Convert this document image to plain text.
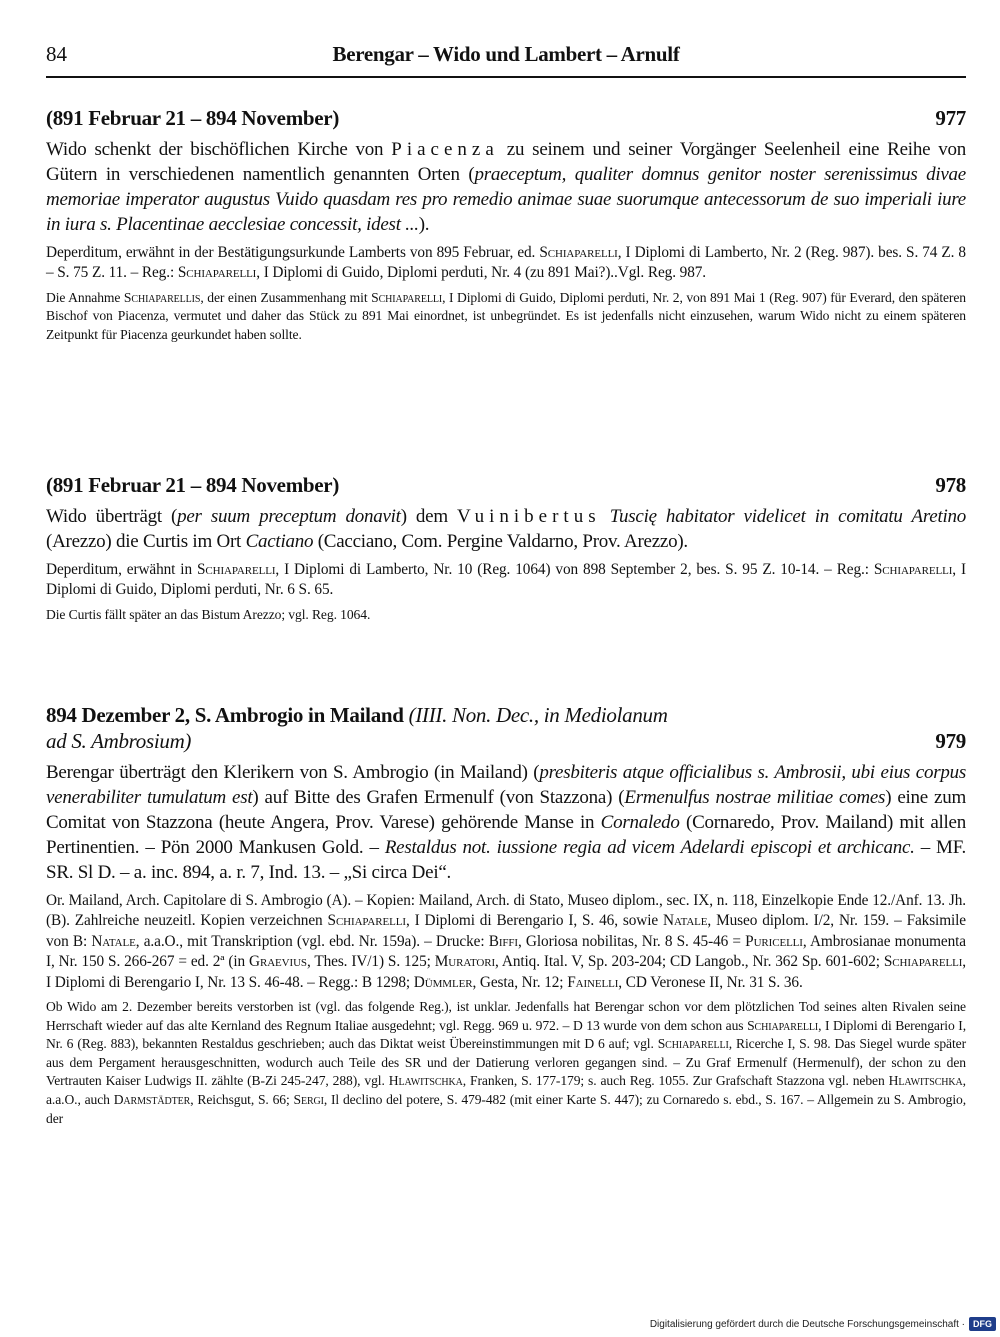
84	Berengar – Wido und Lambert – Arnulf
(891 Februar 21 – 894 November)	977
Wido schenkt der bischöflichen Kirche von Piacenza zu seinem und seiner Vorgänger Seelenheil eine Reihe von Gütern in verschiedenen namentlich genannten Orten (praeceptum, qualiter domnus genitor noster serenissimus divae memoriae imperator augustus Vuido quasdam res pro remedio animae suae suorumque antecessorum de suo imperiali iure in iura s. Placentinae aecclesiae concessit, idest ...).
Deperditum, erwähnt in der Bestätigungsurkunde Lamberts von 895 Februar, ed. Schiaparelli, I Diplomi di Lamberto, Nr. 2 (Reg. 987). bes. S. 74 Z. 8 – S. 75 Z. 11. – Reg.: Schiaparelli, I Diplomi di Guido, Diplomi perduti, Nr. 4 (zu 891 Mai?)..Vgl. Reg. 987.
Die Annahme Schiaparellis, der einen Zusammenhang mit Schiaparelli, I Diplomi di Guido, Diplomi perduti, Nr. 2, von 891 Mai 1 (Reg. 907) für Everard, den späteren Bischof von Piacenza, vermutet und daher das Stück zu 891 Mai einordnet, ist unbegründet. Es ist jedenfalls nicht einzusehen, warum Wido nicht zu einem späteren Zeitpunkt für Piacenza geurkundet haben sollte.
(891 Februar 21 – 894 November)	978
Wido überträgt (per suum preceptum donavit) dem Vuinibertus Tuscię habitator videlicet in comitatu Aretino (Arezzo) die Curtis im Ort Cactiano (Cacciano, Com. Pergine Valdarno, Prov. Arezzo).
Deperditum, erwähnt in Schiaparelli, I Diplomi di Lamberto, Nr. 10 (Reg. 1064) von 898 September 2, bes. S. 95 Z. 10-14. – Reg.: Schiaparelli, I Diplomi di Guido, Diplomi perduti, Nr. 6 S. 65.
Die Curtis fällt später an das Bistum Arezzo; vgl. Reg. 1064.
894 Dezember 2, S. Ambrogio in Mailand (IIII. Non. Dec., in Mediolanum
ad S. Ambrosium)	979
Berengar überträgt den Klerikern von S. Ambrogio (in Mailand) (presbiteris atque officialibus s. Ambrosii, ubi eius corpus venerabiliter tumulatum est) auf Bitte des Grafen Ermenulf (von Stazzona) (Ermenulfus nostrae militiae comes) eine zum Comitat von Stazzona (heute Angera, Prov. Varese) gehörende Manse in Cornaledo (Cornaredo, Prov. Mailand) mit allen Pertinentien. – Pön 2000 Mankusen Gold. – Restaldus not. iussione regia ad vicem Adelardi episcopi et archicanc. – MF. SR. Sl D. – a. inc. 894, a. r. 7, Ind. 13. – „Si circa Dei“.
Or. Mailand, Arch. Capitolare di S. Ambrogio (A). – Kopien: Mailand, Arch. di Stato, Museo diplom., sec. IX, n. 118, Einzelkopie Ende 12./Anf. 13. Jh. (B). Zahlreiche neuzeitl. Kopien verzeichnen Schiaparelli, I Diplomi di Berengario I, S. 46, sowie Natale, Museo diplom. I/2, Nr. 159. – Faksimile von B: Natale, a.a.O., mit Transkription (vgl. ebd. Nr. 159a). – Drucke: Biffi, Gloriosa nobilitas, Nr. 8 S. 45-46 = Puricelli, Ambrosianae monumenta I, Nr. 150 S. 266-267 = ed. 2ª (in Graevius, Thes. IV/1) S. 125; Muratori, Antiq. Ital. V, Sp. 203-204; CD Langob., Nr. 362 Sp. 601-602; Schiaparelli, I Diplomi di Berengario I, Nr. 13 S. 46-48. – Regg.: B 1298; Dümmler, Gesta, Nr. 12; Fainelli, CD Veronese II, Nr. 31 S. 36.
Ob Wido am 2. Dezember bereits verstorben ist (vgl. das folgende Reg.), ist unklar. Jedenfalls hat Berengar schon vor dem plötzlichen Tod seines alten Rivalen seine Herrschaft wieder auf das alte Kernland des Regnum Italiae ausgedehnt; vgl. Regg. 969 u. 972. – D 13 wurde von dem schon aus Schiaparelli, I Diplomi di Berengario I, Nr. 6 (Reg. 883), bekannten Restaldus geschrieben; auch das Diktat weist Übereinstimmungen mit D 6 auf; vgl. Schiaparelli, Ricerche I, S. 98. Das Siegel wurde später aus dem Pergament herausgeschnitten, wodurch auch Teile des SR und der Datierung verloren gegangen sind. – Zu Graf Ermenulf (Hermenulf), der schon zu den Vertrauten Kaiser Ludwigs II. zählte (B-Zi 245-247, 288), vgl. Hlawitschka, Franken, S. 177-179; s. auch Reg. 1055. Zur Grafschaft Stazzona vgl. neben Hlawitschka, a.a.O., auch Darmstädter, Reichsgut, S. 66; Sergi, Il declino del potere, S. 479-482 (mit einer Karte S. 447); zu Cornaredo s. ebd., S. 167. – Allgemein zu S. Ambrogio, der
Digitalisierung gefördert durch die Deutsche Forschungsgemeinschaft · DFG
